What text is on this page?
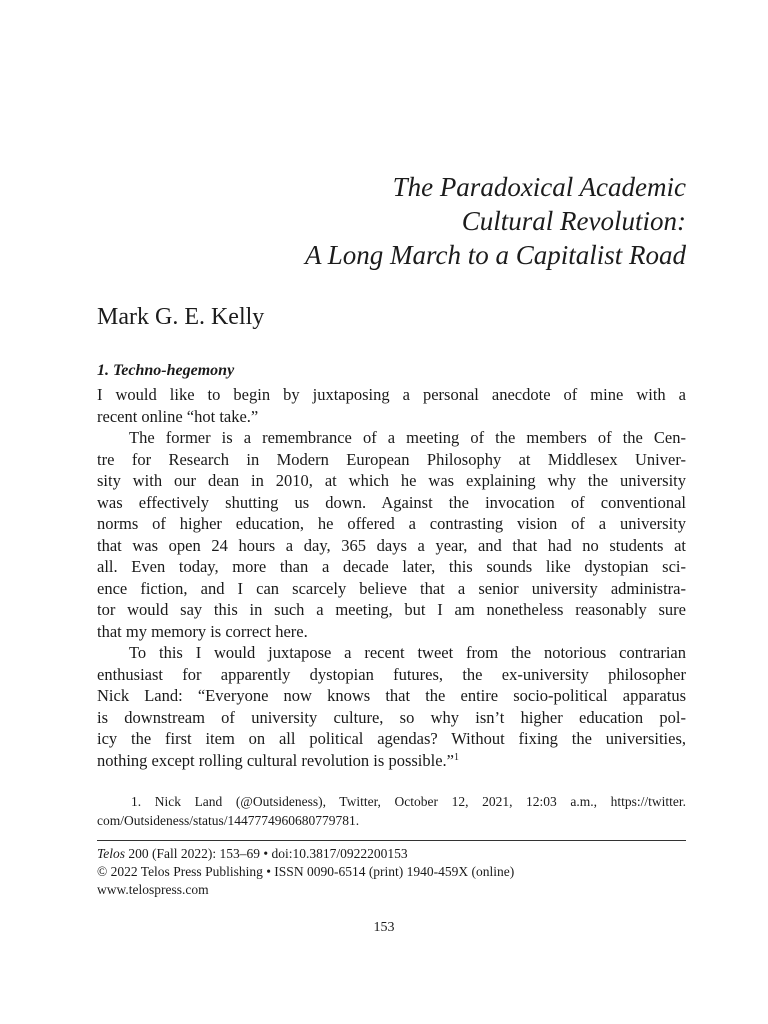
The Paradoxical Academic
Cultural Revolution:
A Long March to a Capitalist Road
Mark G. E. Kelly
1. Techno-hegemony
I would like to begin by juxtaposing a personal anecdote of mine with a
recent online “hot take.”
The former is a remembrance of a meeting of the members of the Cen-
tre for Research in Modern European Philosophy at Middlesex Univer-
sity with our dean in 2010, at which he was explaining why the university
was effectively shutting us down. Against the invocation of conventional
norms of higher education, he offered a contrasting vision of a university
that was open 24 hours a day, 365 days a year, and that had no students at
all. Even today, more than a decade later, this sounds like dystopian sci-
ence fiction, and I can scarcely believe that a senior university administra-
tor would say this in such a meeting, but I am nonetheless reasonably sure
that my memory is correct here.
To this I would juxtapose a recent tweet from the notorious contrarian
enthusiast for apparently dystopian futures, the ex-university philosopher
Nick Land: “Everyone now knows that the entire socio-political apparatus
is downstream of university culture, so why isn’t higher education pol-
icy the first item on all political agendas? Without fixing the universities,
nothing except rolling cultural revolution is possible.”$^1$
1. Nick Land (@Outsideness), Twitter, October 12, 2021, 12:03 a.m., https://twitter.
com/Outsideness/status/1447774960680779781.
Telos 200 (Fall 2022): 153–69 • doi:10.3817/0922200153
© 2022 Telos Press Publishing • ISSN 0090-6514 (print) 1940-459X (online)
www.telospress.com
153
